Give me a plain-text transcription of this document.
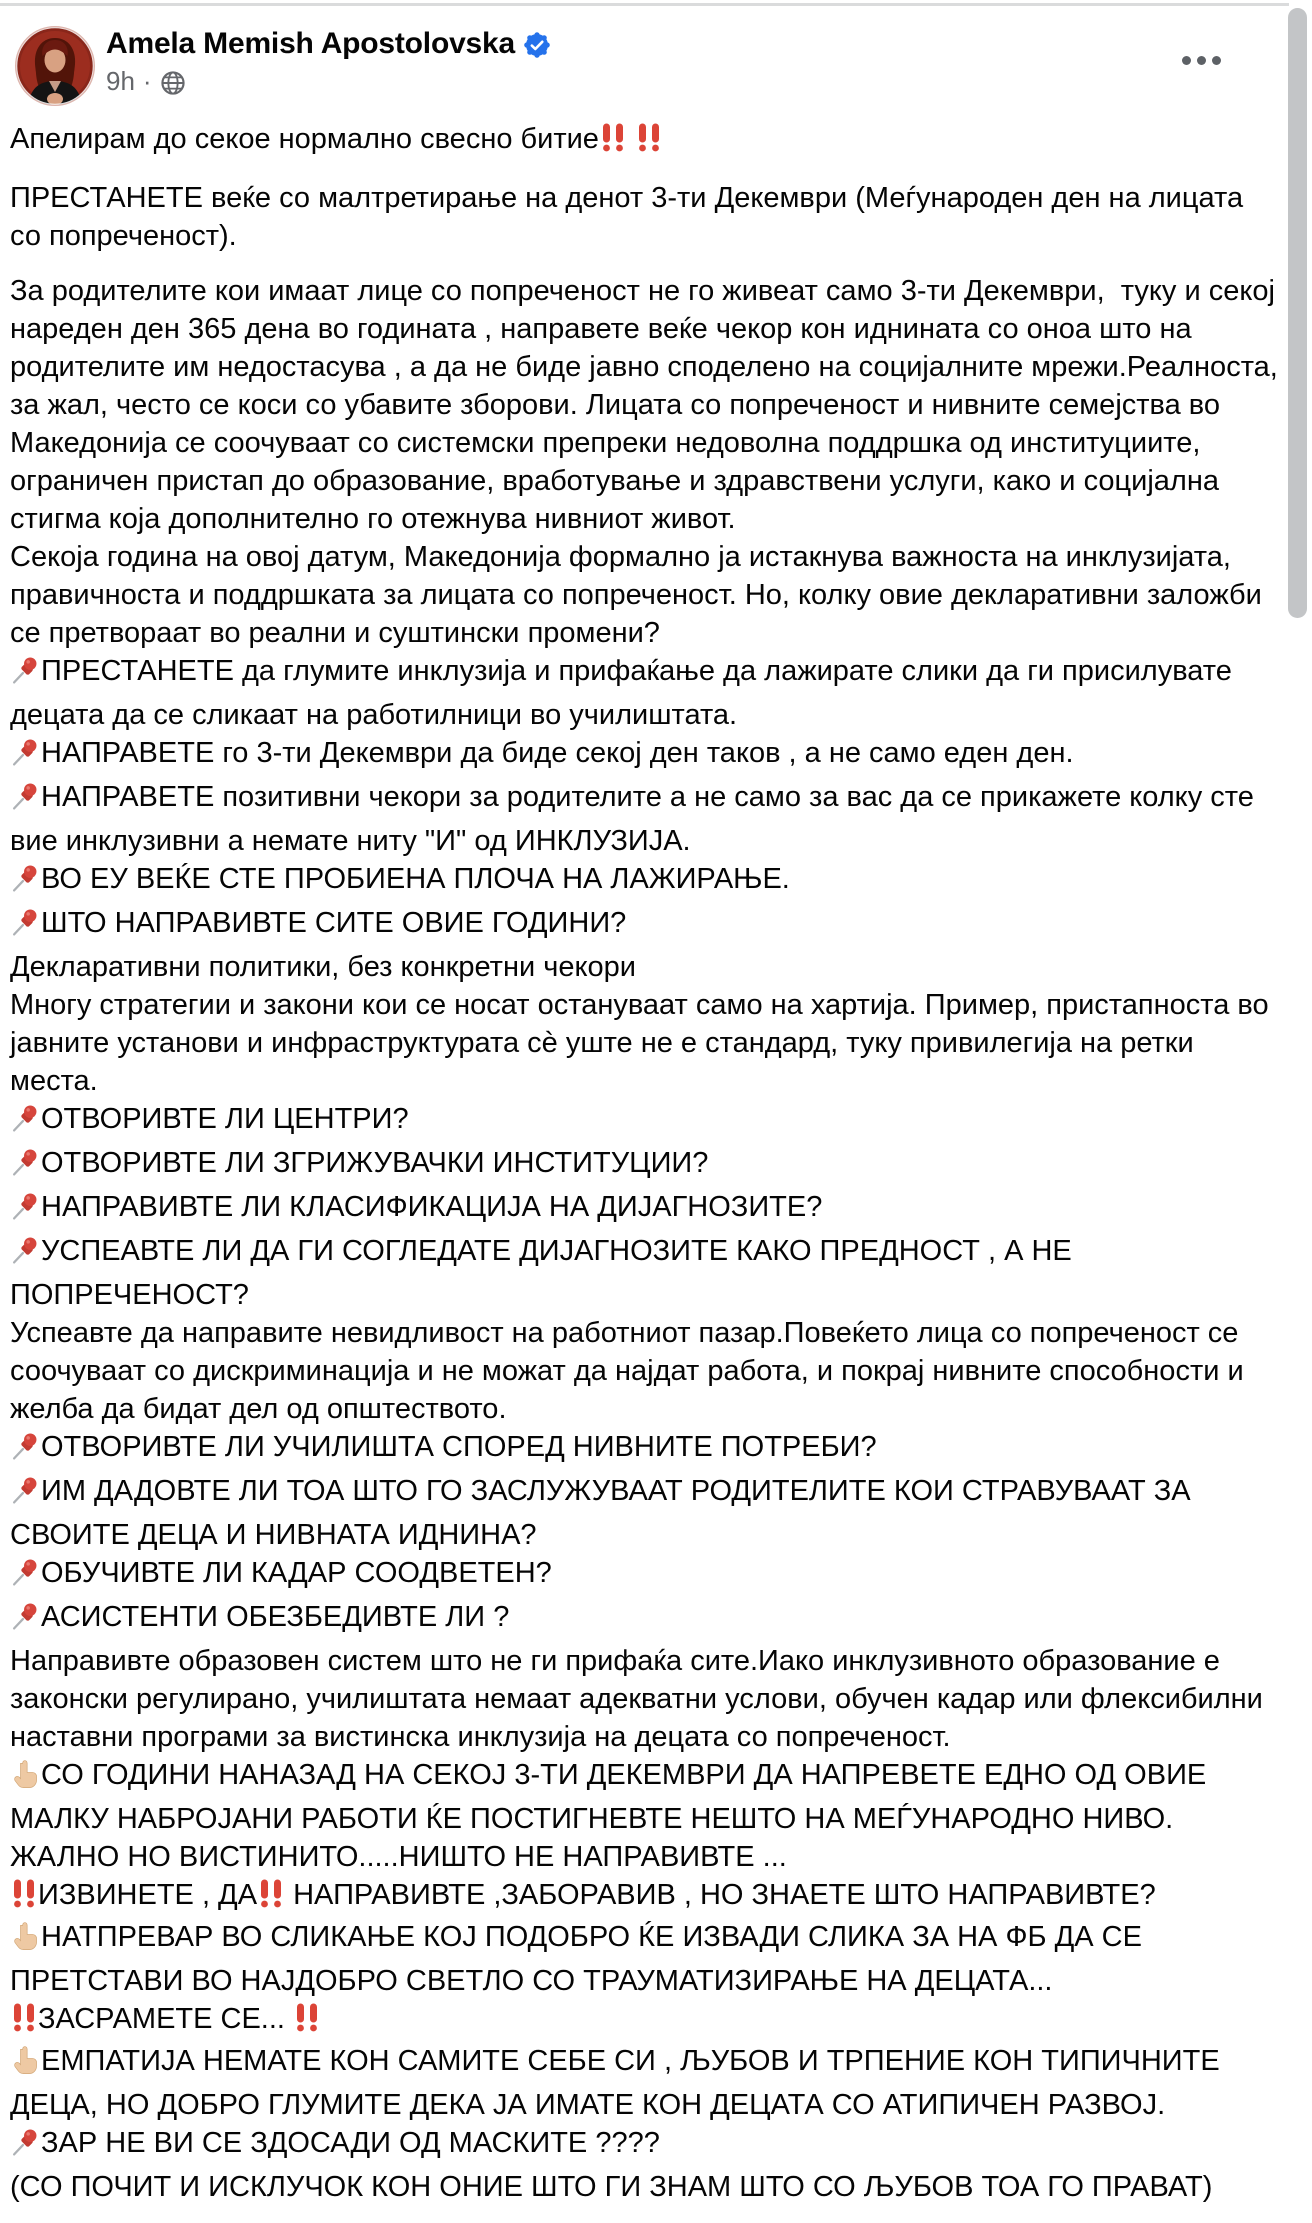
Amela Memish Apostolovska
9h ·
Апелирам до секое нормално свесно битие
ПРЕСТАНЕТЕ веќе со малтретирање на денот 3-ти Декември (Меѓународен ден на лицата со попреченост).
За родителите кои имаат лице со попреченост не го живеат само 3-ти Декември,  туку и секој нареден ден 365 дена во годината , направете веќе чекор кон иднината со оноа што на родителите им недостасува , а да не биде јавно споделено на социјалните мрежи.Реалноста, за жал, често се коси со убавите зборови. Лицата со попреченост и нивните семејства во Македонија се соочуваат со системски препреки недоволна поддршка од институциите, ограничен пристап до образование, вработување и здравствени услуги, како и социјална стигма која дополнително го отежнува нивниот живот.
Секоја година на овој датум, Македонија формално ја истакнува важноста на инклузијата, правичноста и поддршката за лицата со попреченост. Но, колку овие декларативни заложби се претвораат во реални и суштински промени?
ПРЕСТАНЕТЕ да глумите инклузија и прифаќање да лажирате слики да ги присилувате децата да се сликаат на работилници во училиштата.
НАПРАВЕТЕ го 3-ти Декември да биде секој ден таков , а не само еден ден.
НАПРАВЕТЕ позитивни чекори за родителите а не само за вас да се прикажете колку сте вие инклузивни а немате ниту "И" од ИНКЛУЗИЈА.
ВО ЕУ ВЕЌЕ СТЕ ПРОБИЕНА ПЛОЧА НА ЛАЖИРАЊЕ.
ШТО НАПРАВИВТЕ СИТЕ ОВИЕ ГОДИНИ?
Декларативни политики, без конкретни чекори
Многу стратегии и закони кои се носат остануваат само на хартија. Пример, пристапноста во јавните установи и инфраструктурата сѐ уште не е стандард, туку привилегија на ретки места.
ОТВОРИВТЕ ЛИ ЦЕНТРИ?
ОТВОРИВТЕ ЛИ ЗГРИЖУВАЧКИ ИНСТИТУЦИИ?
НАПРАВИВТЕ ЛИ КЛАСИФИКАЦИЈА НА ДИЈАГНОЗИТЕ?
УСПЕАВТЕ ЛИ ДА ГИ СОГЛЕДАТЕ ДИЈАГНОЗИТЕ КАКО ПРЕДНОСТ , А НЕ ПОПРЕЧЕНОСТ?
Успеавте да направите невидливост на работниот пазар.Повеќето лица со попреченост се соочуваат со дискриминација и не можат да најдат работа, и покрај нивните способности и желба да бидат дел од општеството.
ОТВОРИВТЕ ЛИ УЧИЛИШТА СПОРЕД НИВНИТЕ ПОТРЕБИ?
ИМ ДАДОВТЕ ЛИ ТОА ШТО ГО ЗАСЛУЖУВААТ РОДИТЕЛИТЕ КОИ СТРАВУВААТ ЗА СВОИТЕ ДЕЦА И НИВНАТА ИДНИНА?
ОБУЧИВТЕ ЛИ КАДАР СООДВЕТЕН?
АСИСТЕНТИ ОБЕЗБЕДИВТЕ ЛИ ?
Направивте образовен систем што не ги прифаќа сите.Иако инклузивното образование е законски регулирано, училиштата немаат адекватни услови, обучен кадар или флексибилни наставни програми за вистинска инклузија на децата со попреченост.
СО ГОДИНИ НАНАЗАД НА СЕКОЈ 3-ТИ ДЕКЕМВРИ ДА НАПРЕВЕТЕ ЕДНО ОД ОВИЕ МАЛКУ НАБРОЈАНИ РАБОТИ ЌЕ ПОСТИГНЕВТЕ НЕШТО НА МЕЃУНАРОДНО НИВО.
ЖАЛНО НО ВИСТИНИТО.....НИШТО НЕ НАПРАВИВТЕ ...
ИЗВИНЕТЕ , ДА НАПРАВИВТЕ ,ЗАБОРАВИВ , НО ЗНАЕТЕ ШТО НАПРАВИВТЕ?
НАТПРЕВАР ВО СЛИКАЊЕ КОЈ ПОДОБРО ЌЕ ИЗВАДИ СЛИКА ЗА НА ФБ ДА СЕ ПРЕТСТАВИ ВО НАЈДОБРО СВЕТЛО СО ТРАУМАТИЗИРАЊЕ НА ДЕЦАТА...
ЗАСРАМЕТЕ СЕ...
ЕМПАТИЈА НЕМАТЕ КОН САМИТЕ СЕБЕ СИ , ЉУБОВ И ТРПЕНИЕ КОН ТИПИЧНИТЕ ДЕЦА, НО ДОБРО ГЛУМИТЕ ДЕКА ЈА ИМАТЕ КОН ДЕЦАТА СО АТИПИЧЕН РАЗВОЈ.
ЗАР НЕ ВИ СЕ ЗДОСАДИ ОД МАСКИТЕ ????
(СО ПОЧИТ И ИСКЛУЧОК КОН ОНИЕ ШТО ГИ ЗНАМ ШТО СО ЉУБОВ ТОА ГО ПРАВАТ)
